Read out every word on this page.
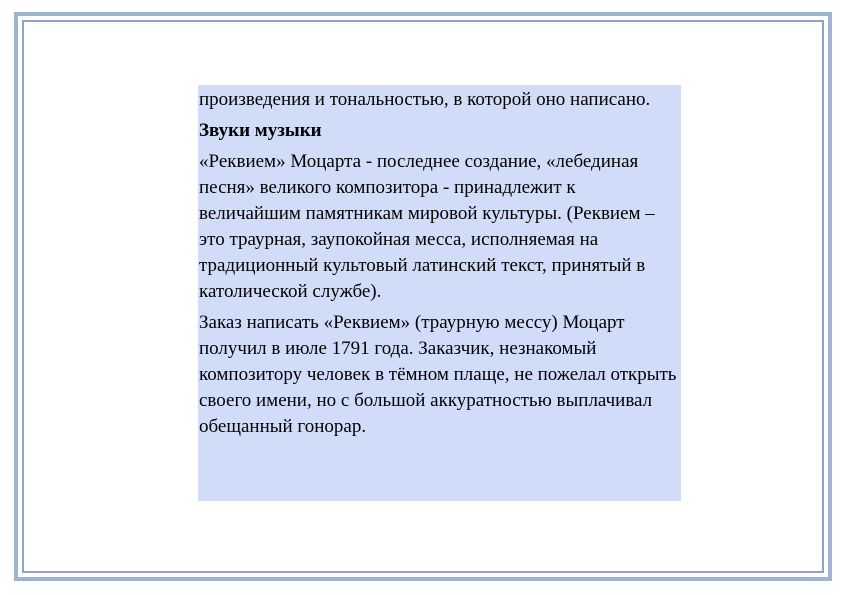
произведения и тональностью, в которой оно написано.

Звуки музыки

«Реквием» Моцарта - последнее создание, «лебединая песня» великого композитора - принадлежит к величайшим памятникам мировой культуры. (Реквием – это траурная, заупокойная месса, исполняемая на традиционный культовый латинский текст, принятый в католической службе).

Заказ написать «Реквием» (траурную мессу) Моцарт получил в июле 1791 года. Заказчик, незнакомый композитору человек в тёмном плаще, не пожелал открыть своего имени, но с большой аккуратностью выплачивал обещанный гонорар.
